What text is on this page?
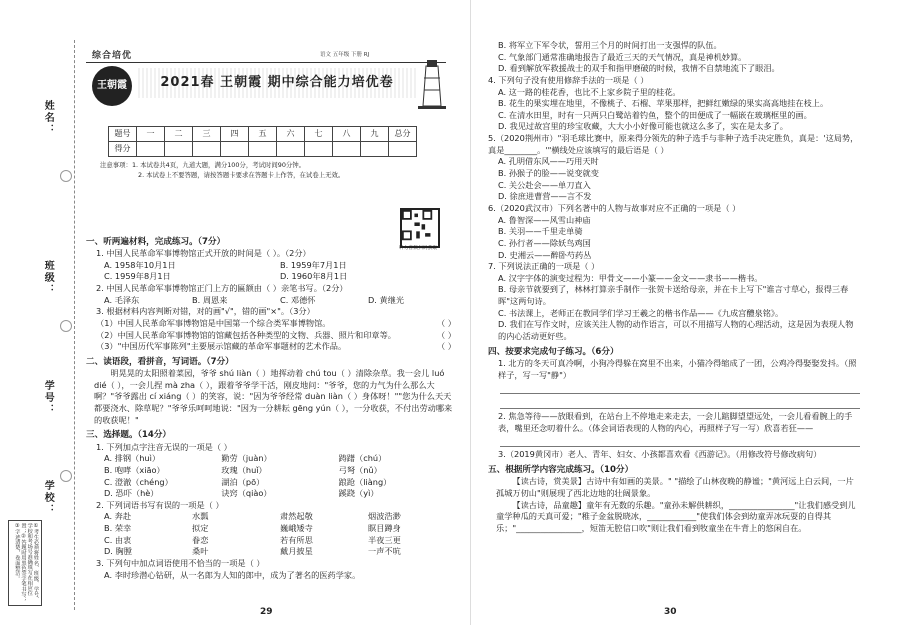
姓名：
班级：
学号：
学校：
①考生必须将姓名、班级、学号、学校和考场号准确填写在相应位置；②答题时用黑色签字笔书写；③字迹清楚，卷面整洁。
综合培优	语文 五年级 下册 RJ
王朝霞	2021春 王朝霞 期中综合能力培优卷
题号	一	二	三	四	五	六	七	八	九	总分
得分										
注意事项：1. 本试卷共4页，九道大题，满分100分，考试时间90分钟。
2. 本试卷上不要答题，请按答题卡要求在答题卡上作答，在试卷上无效。
听力音频扫码获取
一、听两遍材料，完成练习。（7分）
1. 中国人民革命军事博物馆正式开放的时间是（ ）。（2分）
A. 1958年10月1日	B. 1959年7月1日
C. 1959年8月1日	D. 1960年8月1日
2. 中国人民革命军事博物馆正门上方的匾额由（ ）亲笔书写。（2分）
A. 毛泽东	B. 周恩来	C. 邓德怀	D. 黄继光
3. 根据材料内容判断对错，对的画"√"，错的画"×"。（3分）
（1）中国人民革命军事博物馆是中国第一个综合类军事博物馆。	（ ）
（2）中国人民革命军事博物馆的馆藏包括各种类型的文物、兵器、照片和印章等。	（ ）
（3）"中国历代军事陈列"主要展示馆藏的革命军事题材的艺术作品。	（ ）
二、读语段，看拼音，写词语。（7分）
明晃晃的太阳照着菜园，爷爷 shú liàn（ ）地挥动着 chú tou（ ）清除杂草。我一会儿 luó dié（ ），一会儿捏 mà zha（ ），跟着爷爷学干活，刚皮地问："爷爷，您的力气为什么那么大啊？"爷爷露出 cí xiáng（ ）的笑容，说："因为爷爷经常 duàn liàn（ ）身体呀！""您为什么天天都要浇水、除草呢？"爷爷乐呵呵地说："因为一分耕耘 gēng yún（ ），一分收获，不付出劳动哪来的收获呢！"
三、选择题。（14分）
1. 下列加点字注音无误的一项是（ ）
A. 排钢（huì）	勤劳（juàn）	踌躇（chú）
B. 咆哮（xiāo）	玫瑰（huǐ）	弓弩（nǔ）
C. 澄澈（chéng）	湖泊（pō）	踉跄（liàng）
D. 恐吓（hè）	诀窍（qiào）	蹊跷（yì）
2. 下列词语书写有误的一项是（ ）
A. 奔赴	水瓢	肃然起敬	烟波浩渺
B. 荣幸	拟定	巍峨矮寺	瞑目蹲身
C. 由衷	眷恋	若有所思	半夜三更
D. 胸膛	桑叶	戴月披星	一声不吭
3. 下列句中加点词语使用不恰当的一项是（ ）
A. 李时珍潜心钻研，从一名郎为人知的郎中，成为了著名的医药学家。
29
B. 将军立下军令状，誓用三个月的时间打出一支强悍的队伍。
C. 气象部门通常准确地报告了最近三天的天气情况，真是神机妙算。
D. 看到解放军救援战士的双手和指甲磨破的时候，我情不自禁地流下了眼泪。
4. 下列句子没有使用修辞手法的一项是（ ）
A. 这一路的桂花香，也比不上家乡院子里的桂花。
B. 花生的果实埋在地里，不像桃子、石榴、苹果那样，把鲜红嫩绿的果实高高地挂在枝上。
C. 在清水田里，时有一只两只白鹭站着钓鱼，整个的田便成了一幅嵌在玻璃框里的画。
D. 我见过故宫里的珍宝收藏，大大小小好像可能也就这么多了，实在是太多了。
5.（2020荆州市）"羽毛球比赛中，原来得分领先的种子选手与非种子选手决定胜负，真是：'这局势，真是________。'"横线处应该填写的最后语是（ ）
A. 孔明借东风——巧用天时
B. 孙猴子的脸——说变就变
C. 关公赴会——单刀直入
D. 徐庶进曹营——言不发
6.（2020武汉市）下列名著中的人物与故事对应不正确的一项是（ ）
A. 鲁智深——风雪山神庙
B. 关羽——千里走单骑
C. 孙行者——除妖鸟鸡国
D. 史湘云——醉卧芍药丛
7. 下列说法正确的一项是（ ）
A. 汉字字体的演变过程为：甲骨文——小篆——金文——隶书——楷书。
B. 母亲节就要到了，林林打算亲手制作一张贺卡送给母亲，并在卡上写下"谁言寸草心，报得三春晖"这两句诗。
C. 书法课上，老师正在教同学们学习王羲之的楷书作品——《九成宫醴泉铭》。
D. 我们在写作文时，应该关注人物的动作语言，可以不用描写人物的心理活动，这是因为表现人物的内心活动更好些。
四、按要求完成句子练习。（6分）
1. 北方的冬天可真冷啊，小狗冷得躲在窝里不出来，小猫冷得缩成了一团，公鸡冷得娶娶发抖。（照样子，写一写"静"）
2. 焦急等待——放眼看到，在站台上不停地走来走去，一会儿踮脚望望远处，一会儿看看腕上的手表，嘴里还念叨着什么。（体会词语表现的人物的内心，再照样子写一写）欣喜若狂——
3.（2019黄冈市）老人、青年、妇女、小孩都喜欢看《西游记》。（用修改符号修改病句）
五、根据所学内容完成练习。（10分）
【读古诗，赏美景】古诗中有如画的美景。" "描绘了山林夜晚的静谧；"黄河远上白云间，一片孤城万仞山"则展现了西北边地的壮阔景象。
【读古诗，品童趣】童年有无数的乐趣。"童孙未解供耕织，________________"让我们感受到儿童学种瓜的天真可爱；"稚子金盆脱晓冰，____________"使我们体会到幼童弄冰玩耍的自得其乐；"________________，短笛无腔信口吹"则让我们看到牧童坐在牛背上的悠闲自在。
30
